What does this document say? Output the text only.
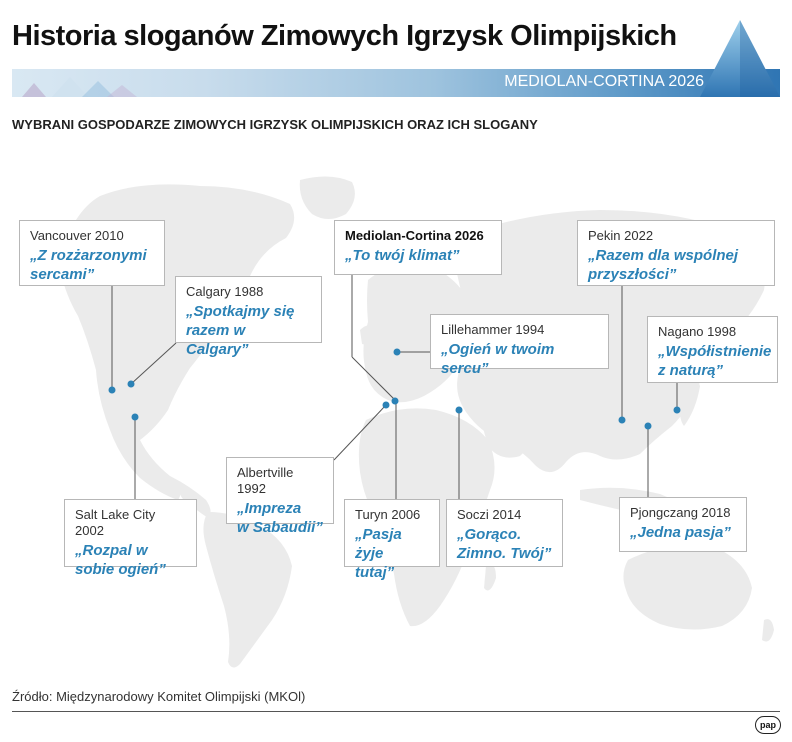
Historia sloganów Zimowych Igrzysk Olimpijskich
MEDIOLAN-CORTINA 2026
WYBRANI GOSPODARZE ZIMOWYCH IGRZYSK OLIMPIJSKICH ORAZ ICH SLOGANY
Vancouver 2010
„Z rozżarzonymi
sercami”
Calgary 1988
„Spotkajmy się
razem w Calgary”
Mediolan-Cortina 2026
„To twój klimat”
Pekin 2022
„Razem dla wspólnej
przyszłości”
Lillehammer 1994
„Ogień w twoim sercu”
Nagano 1998
„Współistnienie
z naturą”
Albertville 1992
„Impreza
w Sabaudii”
Salt Lake City 2002
„Rozpal w
sobie ogień”
Turyn 2006
„Pasja żyje
tutaj”
Soczi 2014
„Gorąco.
Zimno. Twój”
Pjongczang 2018
„Jedna pasja”
Źródło: Międzynarodowy Komitet Olimpijski (MKOl)
pap
